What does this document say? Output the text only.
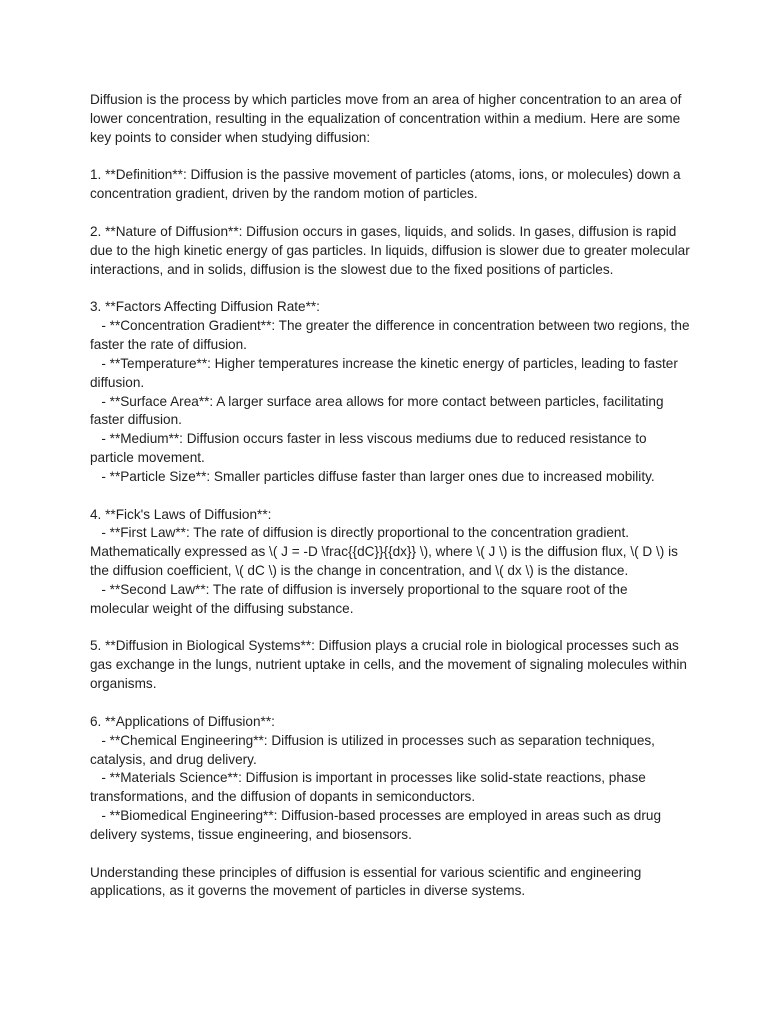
Diffusion is the process by which particles move from an area of higher concentration to an area of lower concentration, resulting in the equalization of concentration within a medium. Here are some key points to consider when studying diffusion:

1. **Definition**: Diffusion is the passive movement of particles (atoms, ions, or molecules) down a concentration gradient, driven by the random motion of particles.

2. **Nature of Diffusion**: Diffusion occurs in gases, liquids, and solids. In gases, diffusion is rapid due to the high kinetic energy of gas particles. In liquids, diffusion is slower due to greater molecular interactions, and in solids, diffusion is the slowest due to the fixed positions of particles.

3. **Factors Affecting Diffusion Rate**:
- **Concentration Gradient**: The greater the difference in concentration between two regions, the faster the rate of diffusion.
- **Temperature**: Higher temperatures increase the kinetic energy of particles, leading to faster diffusion.
- **Surface Area**: A larger surface area allows for more contact between particles, facilitating faster diffusion.
- **Medium**: Diffusion occurs faster in less viscous mediums due to reduced resistance to particle movement.
- **Particle Size**: Smaller particles diffuse faster than larger ones due to increased mobility.

4. **Fick's Laws of Diffusion**:
- **First Law**: The rate of diffusion is directly proportional to the concentration gradient. Mathematically expressed as \( J = -D \frac{{dC}}{{dx}} \), where \( J \) is the diffusion flux, \( D \) is the diffusion coefficient, \( dC \) is the change in concentration, and \( dx \) is the distance.
- **Second Law**: The rate of diffusion is inversely proportional to the square root of the molecular weight of the diffusing substance.

5. **Diffusion in Biological Systems**: Diffusion plays a crucial role in biological processes such as gas exchange in the lungs, nutrient uptake in cells, and the movement of signaling molecules within organisms.

6. **Applications of Diffusion**:
- **Chemical Engineering**: Diffusion is utilized in processes such as separation techniques, catalysis, and drug delivery.
- **Materials Science**: Diffusion is important in processes like solid-state reactions, phase transformations, and the diffusion of dopants in semiconductors.
- **Biomedical Engineering**: Diffusion-based processes are employed in areas such as drug delivery systems, tissue engineering, and biosensors.

Understanding these principles of diffusion is essential for various scientific and engineering applications, as it governs the movement of particles in diverse systems.
